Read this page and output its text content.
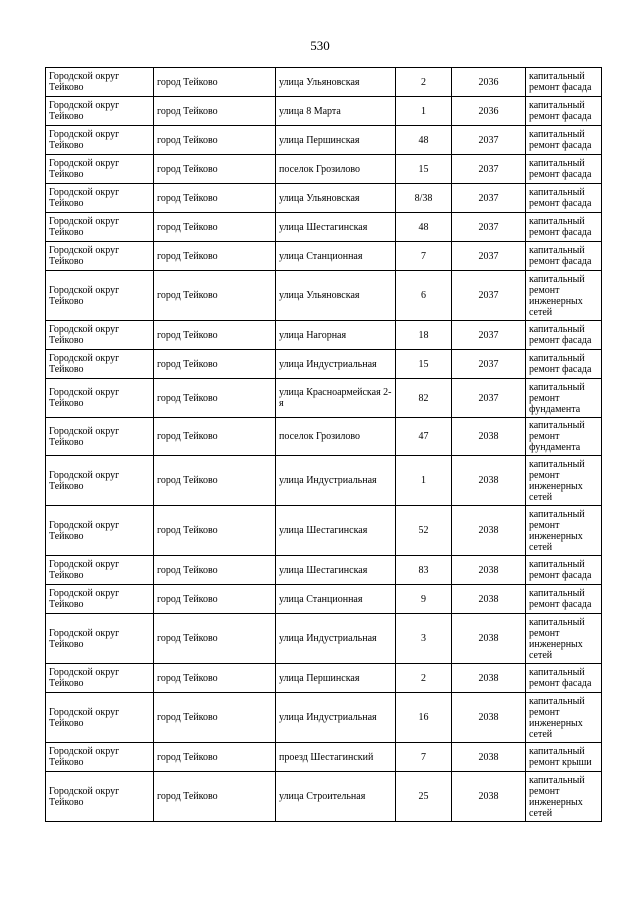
530
Городской округ Тейково	город Тейково	улица Ульяновская	2	2036	капитальный ремонт фасада
Городской округ Тейково	город Тейково	улица 8 Марта	1	2036	капитальный ремонт фасада
Городской округ Тейково	город Тейково	улица Першинская	48	2037	капитальный ремонт фасада
Городской округ Тейково	город Тейково	поселок Грозилово	15	2037	капитальный ремонт фасада
Городской округ Тейково	город Тейково	улица Ульяновская	8/38	2037	капитальный ремонт фасада
Городской округ Тейково	город Тейково	улица Шестагинская	48	2037	капитальный ремонт фасада
Городской округ Тейково	город Тейково	улица Станционная	7	2037	капитальный ремонт фасада
Городской округ Тейково	город Тейково	улица Ульяновская	6	2037	капитальный ремонт инженерных сетей
Городской округ Тейково	город Тейково	улица Нагорная	18	2037	капитальный ремонт фасада
Городской округ Тейково	город Тейково	улица Индустриальная	15	2037	капитальный ремонт фасада
Городской округ Тейково	город Тейково	улица Красноармейская 2-я	82	2037	капитальный ремонт фундамента
Городской округ Тейково	город Тейково	поселок Грозилово	47	2038	капитальный ремонт фундамента
Городской округ Тейково	город Тейково	улица Индустриальная	1	2038	капитальный ремонт инженерных сетей
Городской округ Тейково	город Тейково	улица Шестагинская	52	2038	капитальный ремонт инженерных сетей
Городской округ Тейково	город Тейково	улица Шестагинская	83	2038	капитальный ремонт фасада
Городской округ Тейково	город Тейково	улица Станционная	9	2038	капитальный ремонт фасада
Городской округ Тейково	город Тейково	улица Индустриальная	3	2038	капитальный ремонт инженерных сетей
Городской округ Тейково	город Тейково	улица Першинская	2	2038	капитальный ремонт фасада
Городской округ Тейково	город Тейково	улица Индустриальная	16	2038	капитальный ремонт инженерных сетей
Городской округ Тейково	город Тейково	проезд Шестагинский	7	2038	капитальный ремонт крыши
Городской округ Тейково	город Тейково	улица Строительная	25	2038	капитальный ремонт инженерных сетей
